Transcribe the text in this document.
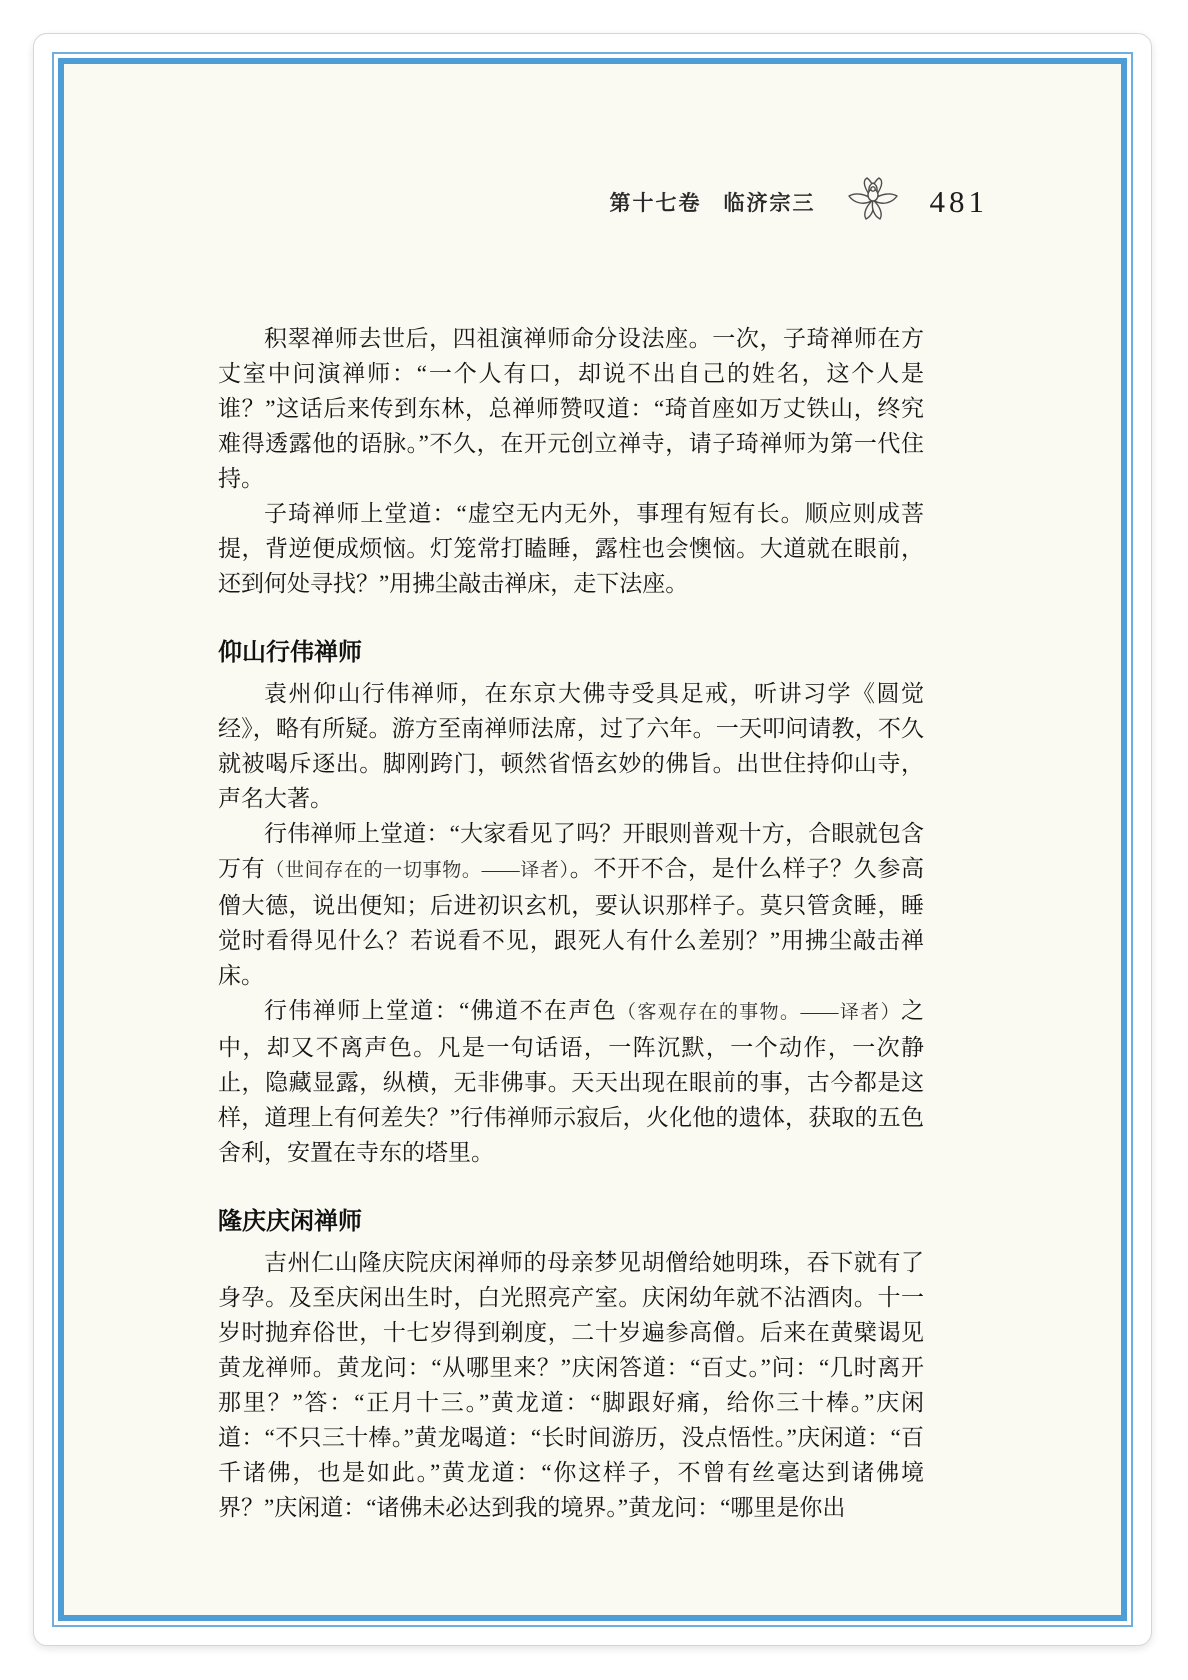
第十七卷 临济宗三	481

积翠禅师去世后，四祖演禅师命分设法座。一次，子琦禅师在方丈室中问演禅师：“一个人有口，却说不出自己的姓名，这个人是谁？”这话后来传到东林，总禅师赞叹道：“琦首座如万丈铁山，终究难得透露他的语脉。”不久，在开元创立禅寺，请子琦禅师为第一代住持。

子琦禅师上堂道：“虚空无内无外，事理有短有长。顺应则成菩提，背逆便成烦恼。灯笼常打瞌睡，露柱也会懊恼。大道就在眼前，还到何处寻找？”用拂尘敲击禅床，走下法座。

仰山行伟禅师

袁州仰山行伟禅师，在东京大佛寺受具足戒，听讲习学《圆觉经》，略有所疑。游方至南禅师法席，过了六年。一天叩问请教，不久就被喝斥逐出。脚刚跨门，顿然省悟玄妙的佛旨。出世住持仰山寺，声名大著。

行伟禅师上堂道：“大家看见了吗？开眼则普观十方，合眼就包含万有（世间存在的一切事物。——译者）。不开不合，是什么样子？久参高僧大德，说出便知；后进初识玄机，要认识那样子。莫只管贪睡，睡觉时看得见什么？若说看不见，跟死人有什么差别？”用拂尘敲击禅床。

行伟禅师上堂道：“佛道不在声色（客观存在的事物。——译者）之中，却又不离声色。凡是一句话语，一阵沉默，一个动作，一次静止，隐藏显露，纵横，无非佛事。天天出现在眼前的事，古今都是这样，道理上有何差失？”行伟禅师示寂后，火化他的遗体，获取的五色舍利，安置在寺东的塔里。

隆庆庆闲禅师

吉州仁山隆庆院庆闲禅师的母亲梦见胡僧给她明珠，吞下就有了身孕。及至庆闲出生时，白光照亮产室。庆闲幼年就不沾酒肉。十一岁时抛弃俗世，十七岁得到剃度，二十岁遍参高僧。后来在黄檗谒见黄龙禅师。黄龙问：“从哪里来？”庆闲答道：“百丈。”问：“几时离开那里？”答：“正月十三。”黄龙道：“脚跟好痛，给你三十棒。”庆闲道：“不只三十棒。”黄龙喝道：“长时间游历，没点悟性。”庆闲道：“百千诸佛，也是如此。”黄龙道：“你这样子，不曾有丝毫达到诸佛境界？”庆闲道：“诸佛未必达到我的境界。”黄龙问：“哪里是你出
